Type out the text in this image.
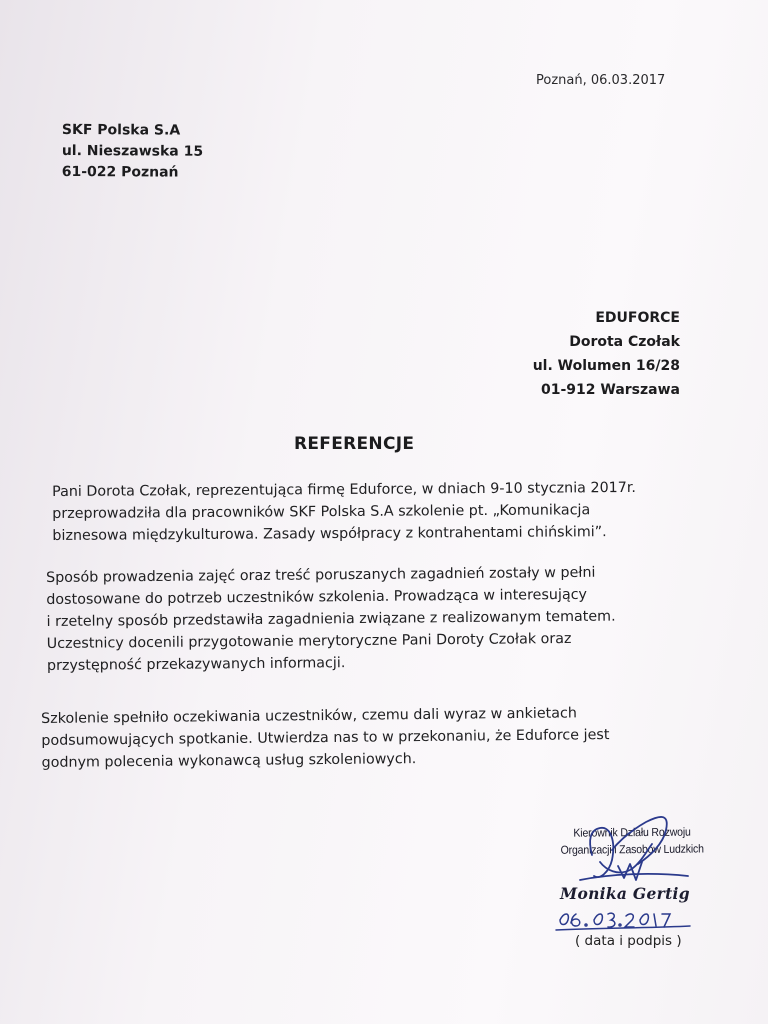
Poznań, 06.03.2017
SKF Polska S.A
ul. Nieszawska 15
61-022 Poznań
EDUFORCE
Dorota Czołak
ul. Wolumen 16/28
01-912 Warszawa
REFERENCJE

Pani Dorota Czołak, reprezentująca firmę Eduforce, w dniach 9-10 stycznia 2017r.
przeprowadziła dla pracowników SKF Polska S.A szkolenie pt. „Komunikacja
biznesowa międzykulturowa. Zasady współpracy z kontrahentami chińskimi”.

Sposób prowadzenia zajęć oraz treść poruszanych zagadnień zostały w pełni
dostosowane do potrzeb uczestników szkolenia. Prowadząca w interesujący
i rzetelny sposób przedstawiła zagadnienia związane z realizowanym tematem.
Uczestnicy docenili przygotowanie merytoryczne Pani Doroty Czołak oraz
przystępność przekazywanych informacji.

Szkolenie spełniło oczekiwania uczestników, czemu dali wyraz w ankietach
podsumowujących spotkanie. Utwierdza nas to w przekonaniu, że Eduforce jest
godnym polecenia wykonawcą usług szkoleniowych.

Kierownik Działu Rozwoju
Organizacji i Zasobów Ludzkich
Monika Gertig
( data i podpis )
